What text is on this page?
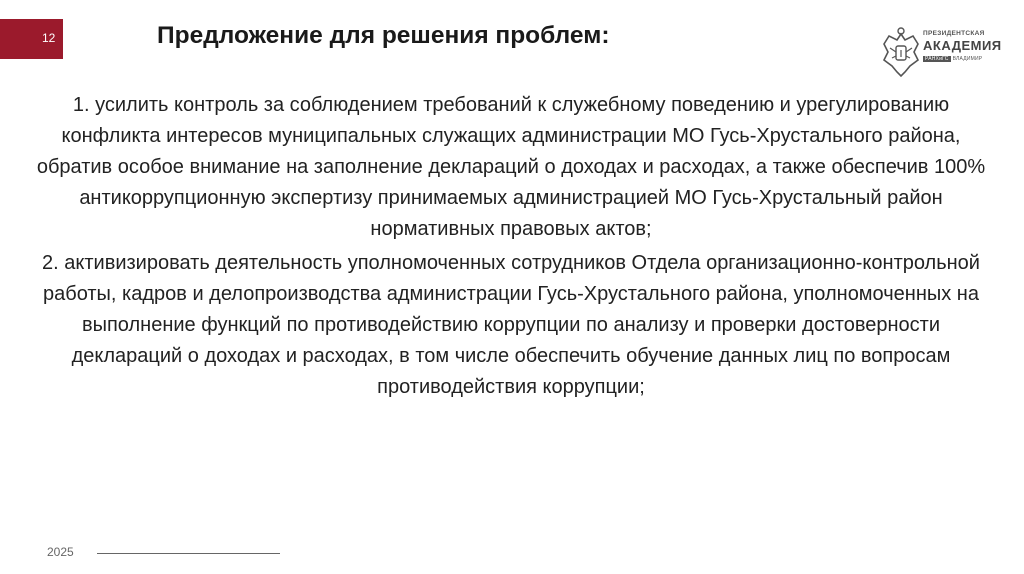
12	Предложение для решения проблем:	ПРЕЗИДЕНТСКАЯ
АКАДЕМИЯ
РАНХиГС ВЛАДИМИР

1. усилить контроль за соблюдением требований к служебному поведению и урегулированию конфликта интересов муниципальных служащих администрации МО Гусь-Хрустального района, обратив особое внимание на заполнение деклараций о доходах и расходах, а также обеспечив 100% антикоррупционную экспертизу принимаемых администрацией МО Гусь-Хрустальный район нормативных правовых актов;

2. активизировать деятельность уполномоченных сотрудников Отдела организационно-контрольной работы, кадров и делопроизводства администрации Гусь-Хрустального района, уполномоченных на выполнение функций по противодействию коррупции по анализу и проверки достоверности деклараций о доходах и расходах, в том числе обеспечить обучение данных лиц по вопросам противодействия коррупции;

2025
